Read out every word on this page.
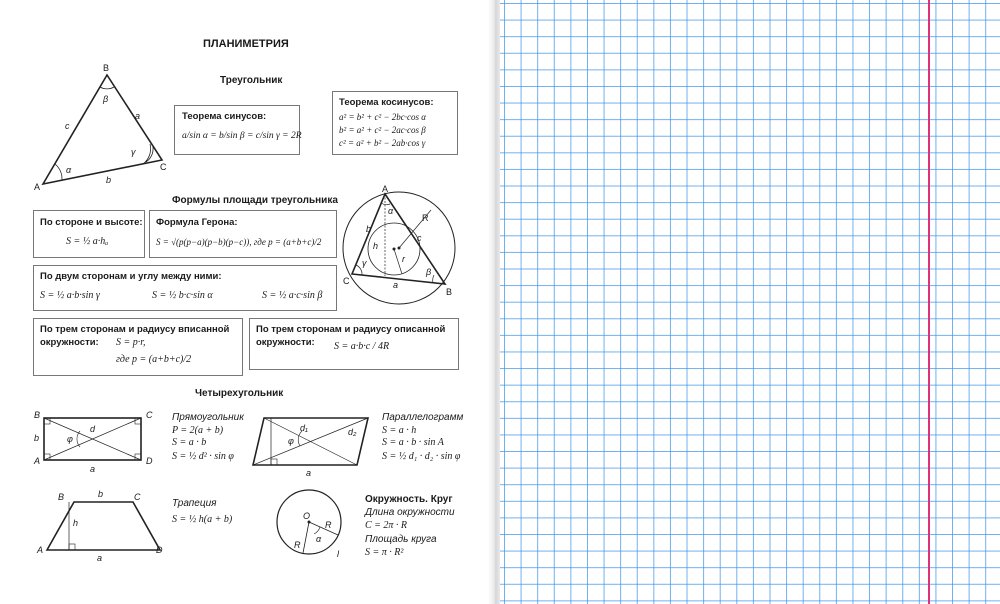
ПЛАНИМЕТРИЯ
Треугольник
B
A
C
c
a
b
α
β
γ
Теорема синусов:
a/sin α = b/sin β = c/sin γ = 2R
Теорема косинусов:
a² = b² + c² − 2bc·cos α
b² = a² + c² − 2ac·cos β
c² = a² + b² − 2ab·cos γ
Формулы площади треугольника
По стороне и высоте:
S = ½ a·hₐ
Формула Герона:
S = √(p(p−a)(p−b)(p−c)), где p = (a+b+c)/2
По двум сторонам и углу между ними:
S = ½ a·b·sin γ	S = ½ b·c·sin α	S = ½ a·c·sin β
По трем сторонам и радиусу вписанной
окружности: S = p·r,
где p = (a+b+c)/2
По трем сторонам и радиусу описанной
окружности: S = a·b·c / 4R
A
C
B
R
r
h
a
b
c
α
β
γ
Четырехугольник
B	C
A	D
a
b
d
φ
Прямоугольник
P = 2(a + b)
S = a · b
S = ½ d² · sin φ
d₁	d₂
φ
a
Параллелограмм
S = a · h
S = a · b · sin A
S = ½ d₁ · d₂ · sin φ
B	C
A	D
b
a
h
Трапеция
S = ½ h(a + b)	O
R
R
α
l
Окружность. Круг
Длина окружности
C = 2π · R
Площадь круга
S = π · R²
